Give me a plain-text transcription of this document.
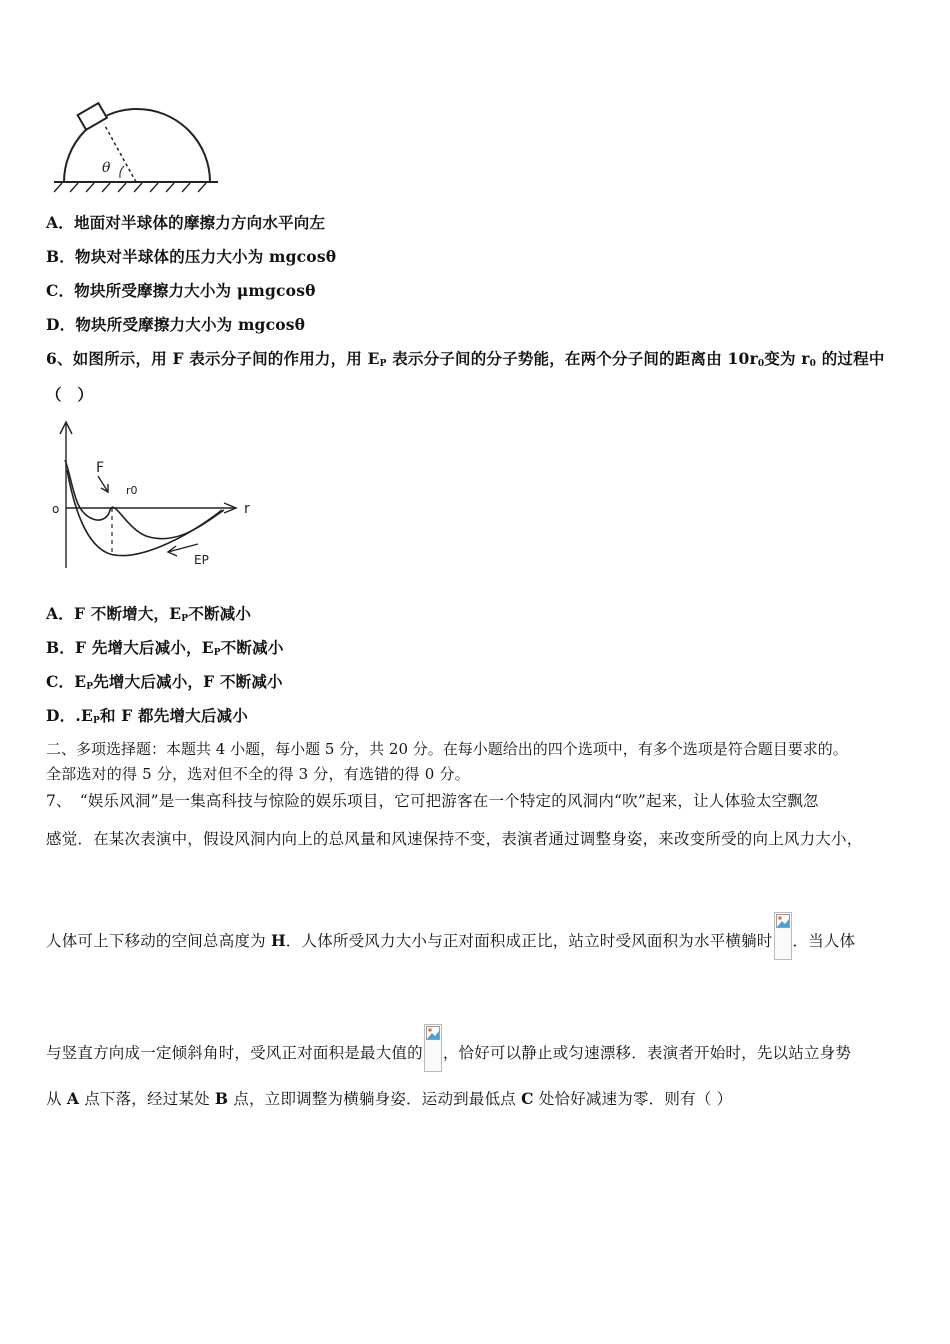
θ
A．地面对半球体的摩擦力方向水平向左
B．物块对半球体的压力大小为 mgcosθ
C．物块所受摩擦力大小为 μmgcosθ
D．物块所受摩擦力大小为 mgcosθ
6、如图所示，用 F 表示分子间的作用力，用 $E_P$ 表示分子间的分子势能，在两个分子间的距离由 $10r_0$变为 $r_0$ 的过程中
（　）
F
r0
o	r
EP
A．F 不断增大，$E_P$不断减小
B．F 先增大后减小，$E_P$不断减小
C．$E_P$先增大后减小，F 不断减小
D．$.E_P$和 F 都先增大后减小
二、多项选择题：本题共 4 小题，每小题 5 分，共 20 分。在每小题给出的四个选项中，有多个选项是符合题目要求的。
全部选对的得 5 分，选对但不全的得 3 分，有选错的得 0 分。
7、　“娱乐风洞”是一集高科技与惊险的娱乐项目，它可把游客在一个特定的风洞内“吹”起来，让人体验太空飘忽
感觉．在某次表演中，假设风洞内向上的总风量和风速保持不变，表演者通过调整身姿，来改变所受的向上风力大小，
人体可上下移动的空间总高度为 H．人体所受风力大小与正对面积成正比，站立时受风面积为水平横躺时 ．当人体
与竖直方向成一定倾斜角时，受风正对面积是最大值的 ，恰好可以静止或匀速漂移．表演者开始时，先以站立身势
从 A 点下落，经过某处 B 点，立即调整为横躺身姿．运动到最低点 C 处恰好减速为零．则有（ ）
